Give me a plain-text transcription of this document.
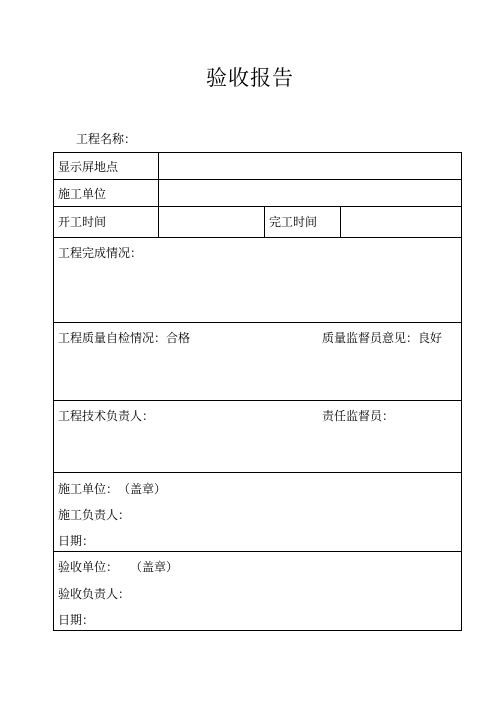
验收报告
工程名称：
显示屏地点
施工单位
开工时间	完工时间
工程完成情况：
工程质量自检情况：合格	质量监督员意见：良好
工程技术负责人：	责任监督员：
施工单位：　（盖章）
施工负责人：
日期：
验收单位：　　（盖章）
验收负责人：
日期：
